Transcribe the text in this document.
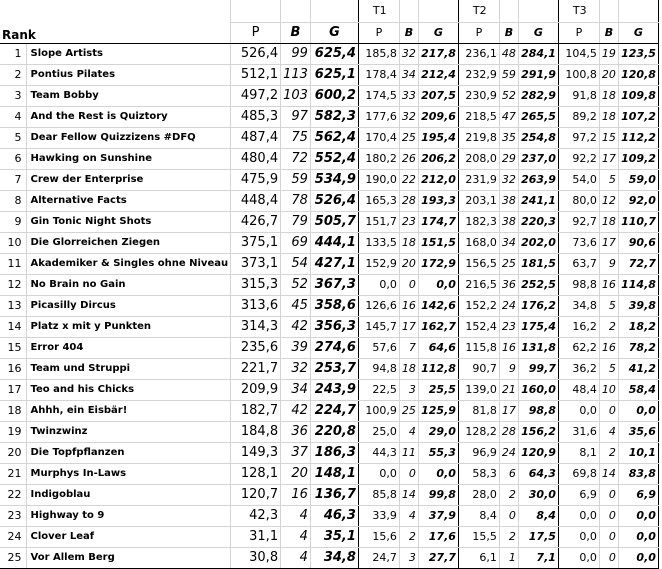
Rank					T1			T2			T3		
		P	B	G	P	B	G	P	B	G	P	B	G
1	Slope Artists	526,4	99	625,4	185,8	32	217,8	236,1	48	284,1	104,5	19	123,5
2	Pontius Pilates	512,1	113	625,1	178,4	34	212,4	232,9	59	291,9	100,8	20	120,8
3	Team Bobby	497,2	103	600,2	174,5	33	207,5	230,9	52	282,9	91,8	18	109,8
4	And the Rest is Quiztory	485,3	97	582,3	177,6	32	209,6	218,5	47	265,5	89,2	18	107,2
5	Dear Fellow Quizzizens #DFQ	487,4	75	562,4	170,4	25	195,4	219,8	35	254,8	97,2	15	112,2
6	Hawking on Sunshine	480,4	72	552,4	180,2	26	206,2	208,0	29	237,0	92,2	17	109,2
7	Crew der Enterprise	475,9	59	534,9	190,0	22	212,0	231,9	32	263,9	54,0	5	59,0
8	Alternative Facts	448,4	78	526,4	165,3	28	193,3	203,1	38	241,1	80,0	12	92,0
9	Gin Tonic Night Shots	426,7	79	505,7	151,7	23	174,7	182,3	38	220,3	92,7	18	110,7
10	Die Glorreichen Ziegen	375,1	69	444,1	133,5	18	151,5	168,0	34	202,0	73,6	17	90,6
11	Akademiker & Singles ohne Niveau	373,1	54	427,1	152,9	20	172,9	156,5	25	181,5	63,7	9	72,7
12	No Brain no Gain	315,3	52	367,3	0,0	0	0,0	216,5	36	252,5	98,8	16	114,8
13	Picasilly Dircus	313,6	45	358,6	126,6	16	142,6	152,2	24	176,2	34,8	5	39,8
14	Platz x mit y Punkten	314,3	42	356,3	145,7	17	162,7	152,4	23	175,4	16,2	2	18,2
15	Error 404	235,6	39	274,6	57,6	7	64,6	115,8	16	131,8	62,2	16	78,2
16	Team und Struppi	221,7	32	253,7	94,8	18	112,8	90,7	9	99,7	36,2	5	41,2
17	Teo and his Chicks	209,9	34	243,9	22,5	3	25,5	139,0	21	160,0	48,4	10	58,4
18	Ahhh, ein Eisbär!	182,7	42	224,7	100,9	25	125,9	81,8	17	98,8	0,0	0	0,0
19	Twinzwinz	184,8	36	220,8	25,0	4	29,0	128,2	28	156,2	31,6	4	35,6
20	Die Topfpflanzen	149,3	37	186,3	44,3	11	55,3	96,9	24	120,9	8,1	2	10,1
21	Murphys In-Laws	128,1	20	148,1	0,0	0	0,0	58,3	6	64,3	69,8	14	83,8
22	Indigoblau	120,7	16	136,7	85,8	14	99,8	28,0	2	30,0	6,9	0	6,9
23	Highway to 9	42,3	4	46,3	33,9	4	37,9	8,4	0	8,4	0,0	0	0,0
24	Clover Leaf	31,1	4	35,1	15,6	2	17,6	15,5	2	17,5	0,0	0	0,0
25	Vor Allem Berg	30,8	4	34,8	24,7	3	27,7	6,1	1	7,1	0,0	0	0,0
